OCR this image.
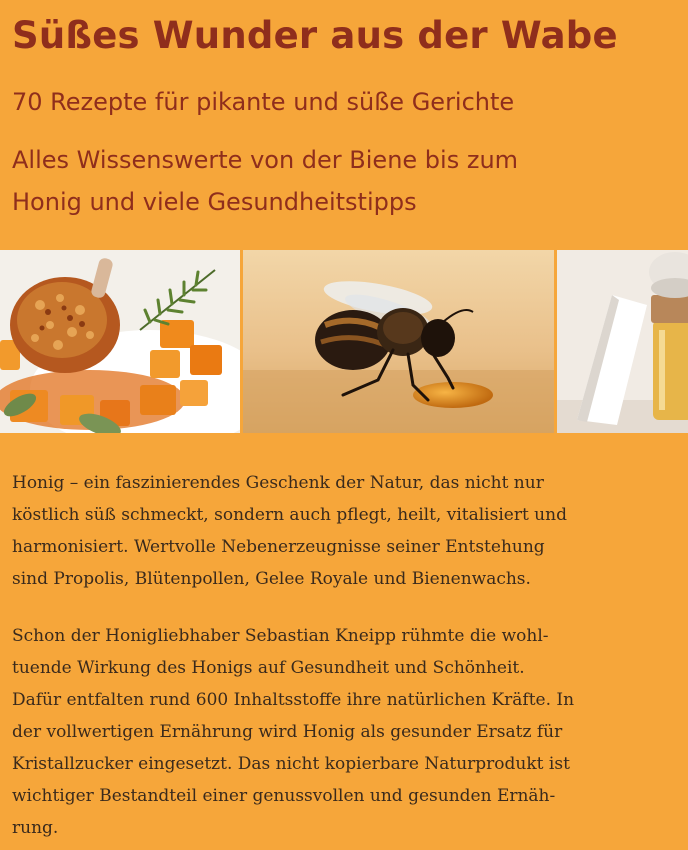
Süßes Wunder aus der Wabe

70 Rezepte für pikante und süße Gerichte

Alles Wissenswerte von der Biene bis zum

Honig und viele Gesundheitstipps

Honig – ein faszinierendes Geschenk der Natur, das nicht nur
köstlich süß schmeckt, sondern auch pflegt, heilt, vitalisiert und
harmonisiert. Wertvolle Nebenerzeugnisse seiner Entstehung
sind Propolis, Blütenpollen, Gelee Royale und Bienenwachs.

Schon der Honigliebhaber Sebastian Kneipp rühmte die wohl-
tuende Wirkung des Honigs auf Gesundheit und Schönheit.
Dafür entfalten rund 600 Inhaltsstoffe ihre natürlichen Kräfte. In
der vollwertigen Ernährung wird Honig als gesunder Ersatz für
Kristallzucker eingesetzt. Das nicht kopierbare Naturprodukt ist
wichtiger Bestandteil einer genussvollen und gesunden Ernäh-
rung.
